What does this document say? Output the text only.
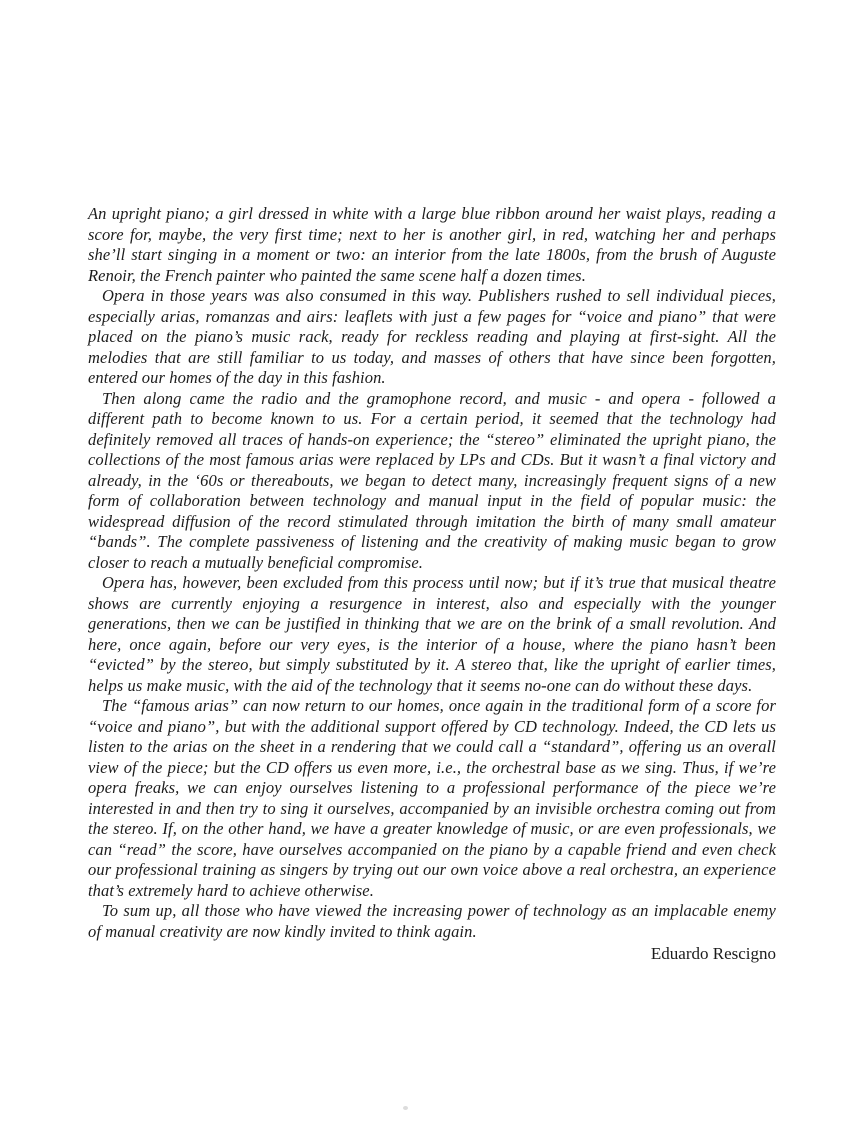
An upright piano; a girl dressed in white with a large blue ribbon around her waist plays, reading a score for, maybe, the very first time; next to her is another girl, in red, watching her and perhaps she’ll start singing in a moment or two: an interior from the late 1800s, from the brush of Auguste Renoir, the French painter who painted the same scene half a dozen times.

Opera in those years was also consumed in this way. Publishers rushed to sell individual pieces, especially arias, romanzas and airs: leaflets with just a few pages for “voice and piano” that were placed on the piano’s music rack, ready for reckless reading and playing at first-sight. All the melodies that are still familiar to us today, and masses of others that have since been forgotten, entered our homes of the day in this fashion.

Then along came the radio and the gramophone record, and music - and opera - followed a different path to become known to us. For a certain period, it seemed that the technology had definitely removed all traces of hands-on experience; the “stereo” eliminated the upright piano, the collections of the most famous arias were replaced by LPs and CDs. But it wasn’t a final victory and already, in the ‘60s or thereabouts, we began to detect many, increasingly frequent signs of a new form of collaboration between technology and manual input in the field of popular music: the widespread diffusion of the record stimulated through imitation the birth of many small amateur “bands”. The complete passiveness of listening and the creativity of making music began to grow closer to reach a mutually beneficial compromise.

Opera has, however, been excluded from this process until now; but if it’s true that musical theatre shows are currently enjoying a resurgence in interest, also and especially with the younger generations, then we can be justified in thinking that we are on the brink of a small revolution. And here, once again, before our very eyes, is the interior of a house, where the piano hasn’t been “evicted” by the stereo, but simply substituted by it. A stereo that, like the upright of earlier times, helps us make music, with the aid of the technology that it seems no-one can do without these days.

The “famous arias” can now return to our homes, once again in the traditional form of a score for “voice and piano”, but with the additional support offered by CD technology. Indeed, the CD lets us listen to the arias on the sheet in a rendering that we could call a “standard”, offering us an overall view of the piece; but the CD offers us even more, i.e., the orchestral base as we sing. Thus, if we’re opera freaks, we can enjoy ourselves listening to a professional performance of the piece we’re interested in and then try to sing it ourselves, accompanied by an invisible orchestra coming out from the stereo. If, on the other hand, we have a greater knowledge of music, or are even professionals, we can “read” the score, have ourselves accompanied on the piano by a capable friend and even check our professional training as singers by trying out our own voice above a real orchestra, an experience that’s extremely hard to achieve otherwise.

To sum up, all those who have viewed the increasing power of technology as an implacable enemy of manual creativity are now kindly invited to think again.

Eduardo Rescigno
